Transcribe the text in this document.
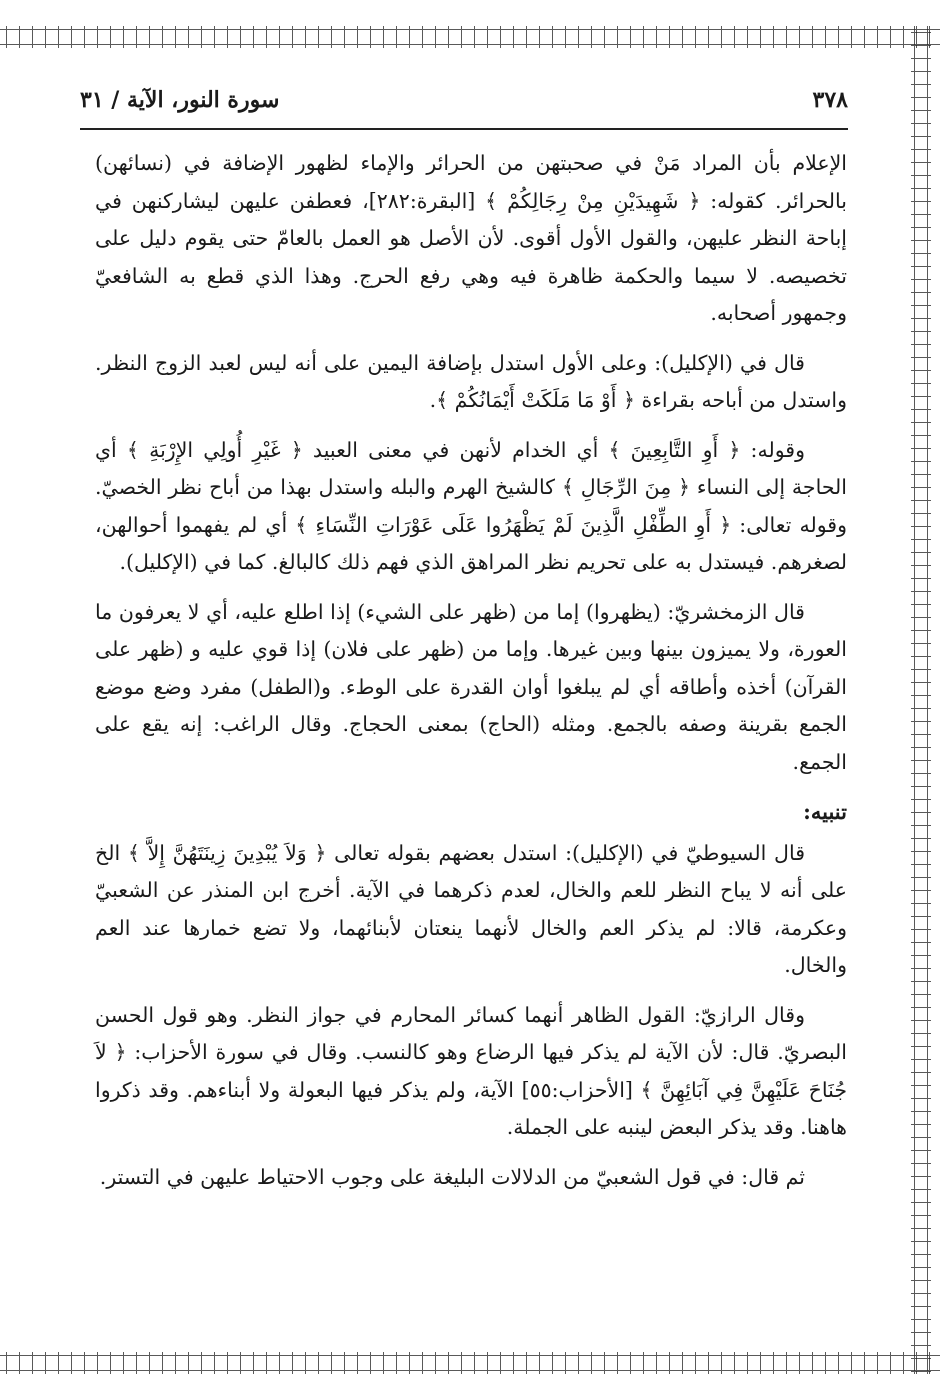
٣٧٨
سورة النور، الآية / ٣١

الإعلام بأن المراد مَنْ في صحبتهن من الحرائر والإماء لظهور الإضافة في (نسائهن) بالحرائر. كقوله: ﴿ شَهِيدَيْنِ مِنْ رِجَالِكُمْ ﴾ [البقرة:٢٨٢]، فعطفن عليهن ليشاركنهن في إباحة النظر عليهن، والقول الأول أقوى. لأن الأصل هو العمل بالعامّ حتى يقوم دليل على تخصيصه. لا سيما والحكمة ظاهرة فيه وهي رفع الحرج. وهذا الذي قطع به الشافعيّ وجمهور أصحابه.

قال في (الإكليل): وعلى الأول استدل بإضافة اليمين على أنه ليس لعبد الزوج النظر. واستدل من أباحه بقراءة ﴿ أَوْ مَا مَلَكَتْ أَيْمَانُكُمْ ﴾.

وقوله: ﴿ أَوِ التَّابِعِينَ ﴾ أي الخدام لأنهن في معنى العبيد ﴿ غَيْرِ أُولِي الإِرْبَةِ ﴾ أي الحاجة إلى النساء ﴿ مِنَ الرِّجَالِ ﴾ كالشيخ الهرم والبله واستدل بهذا من أباح نظر الخصيّ. وقوله تعالى: ﴿ أَوِ الطِّفْلِ الَّذِينَ لَمْ يَظْهَرُوا عَلَى عَوْرَاتِ النِّسَاءِ ﴾ أي لم يفهموا أحوالهن، لصغرهم. فيستدل به على تحريم نظر المراهق الذي فهم ذلك كالبالغ. كما في (الإكليل).

قال الزمخشريّ: (يظهروا) إما من (ظهر على الشيء) إذا اطلع عليه، أي لا يعرفون ما العورة، ولا يميزون بينها وبين غيرها. وإما من (ظهر على فلان) إذا قوي عليه و (ظهر على القرآن) أخذه وأطاقه أي لم يبلغوا أوان القدرة على الوطء. و(الطفل) مفرد وضع موضع الجمع بقرينة وصفه بالجمع. ومثله (الحاج) بمعنى الحجاج. وقال الراغب: إنه يقع على الجمع.

تنبيه:

قال السيوطيّ في (الإكليل): استدل بعضهم بقوله تعالى ﴿ وَلاَ يُبْدِينَ زِينَتَهُنَّ إِلاَّ ﴾ الخ على أنه لا يباح النظر للعم والخال، لعدم ذكرهما في الآية. أخرج ابن المنذر عن الشعبيّ وعكرمة، قالا: لم يذكر العم والخال لأنهما ينعتان لأبنائهما، ولا تضع خمارها عند العم والخال.

وقال الرازيّ: القول الظاهر أنهما كسائر المحارم في جواز النظر. وهو قول الحسن البصريّ. قال: لأن الآية لم يذكر فيها الرضاع وهو كالنسب. وقال في سورة الأحزاب: ﴿ لاَ جُنَاحَ عَلَيْهِنَّ فِي آبَائِهِنَّ ﴾ [الأحزاب:٥٥] الآية، ولم يذكر فيها البعولة ولا أبناءهم. وقد ذكروا هاهنا. وقد يذكر البعض لينبه على الجملة.

ثم قال: في قول الشعبيّ من الدلالات البليغة على وجوب الاحتياط عليهن في التستر.
